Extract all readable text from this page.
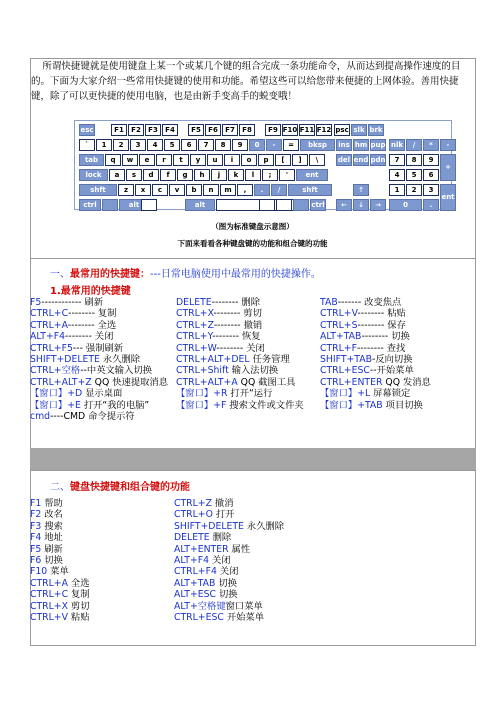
所谓快捷键就是使用键盘上某一个或某几个键的组合完成一条功能命令，从而达到提高操作速度的目的。下面为大家介绍一些常用快捷键的使用和功能。希望这些可以给您带来便捷的上网体验。善用快捷键，除了可以更快捷的使用电脑，也是由新手变高手的蜕变哦！

esc	F1	F2	F3	F4	F5	F6	F7	F8	F9 F10 F11 F12 psc slk brk
`	1	2	3	4	5	6	7	8	9	0	-	=	bksp	ins hm pup nlk	/	*	-
tab	q	w	e	r	t	y	u	i	o	p	[	]	\	del end pdn	7	8	9
+
lock	a	s	d	f	g	h	j	k	l	;	'	ent	4	5	6
shft	z	x	c	v	b	n	m	,	.	/	shft	↑	1	2	3
ent
ctrl	alt	alt	ctrl	←	↓	→	0	.
（图为标准键盘示意图）
下面来看看各种键盘键的功能和组合键的功能
一、最常用的快捷键：---日常电脑使用中最常用的快捷操作。
1.最常用的快捷键
F5------------ 刷新	DELETE-------- 删除	TAB------- 改变焦点
CTRL+C-------- 复制	CTRL+X-------- 剪切	CTRL+V-------- 粘贴
CTRL+A-------- 全选	CTRL+Z-------- 撤销	CTRL+S-------- 保存
ALT+F4-------- 关闭	CTRL+Y-------- 恢复	ALT+TAB-------- 切换
CTRL+F5--- 强制刷新	CTRL+W-------- 关闭	CTRL+F-------- 查找
SHIFT+DELETE 永久删除	CTRL+ALT+DEL 任务管理	SHIFT+TAB-反向切换
CTRL+空格--中英文输入切换	CTRL+Shift 输入法切换	CTRL+ESC--开始菜单
CTRL+ALT+Z QQ 快速提取消息 CTRL+ALT+A QQ 截图工具	CTRL+ENTER QQ 发消息
【窗口】+D 显示桌面	【窗口】+R 打开“运行	【窗口】+L 屏幕锁定
【窗口】+E 打开“我的电脑”	【窗口】+F 搜索文件或文件夹 【窗口】+TAB 项目切换
cmd----CMD 命令提示符
二、键盘快捷键和组合键的功能
F1 帮助	CTRL+Z 撤消
F2 改名	CTRL+O 打开
F3 搜索	SHIFT+DELETE 永久删除
F4 地址	DELETE 删除
F5 刷新	ALT+ENTER 属性
F6 切换	ALT+F4 关闭
F10 菜单	CTRL+F4 关闭
CTRL+A 全选	ALT+TAB 切换
CTRL+C 复制	ALT+ESC 切换
CTRL+X 剪切	ALT+空格键窗口菜单
CTRL+V 粘贴	CTRL+ESC 开始菜单
